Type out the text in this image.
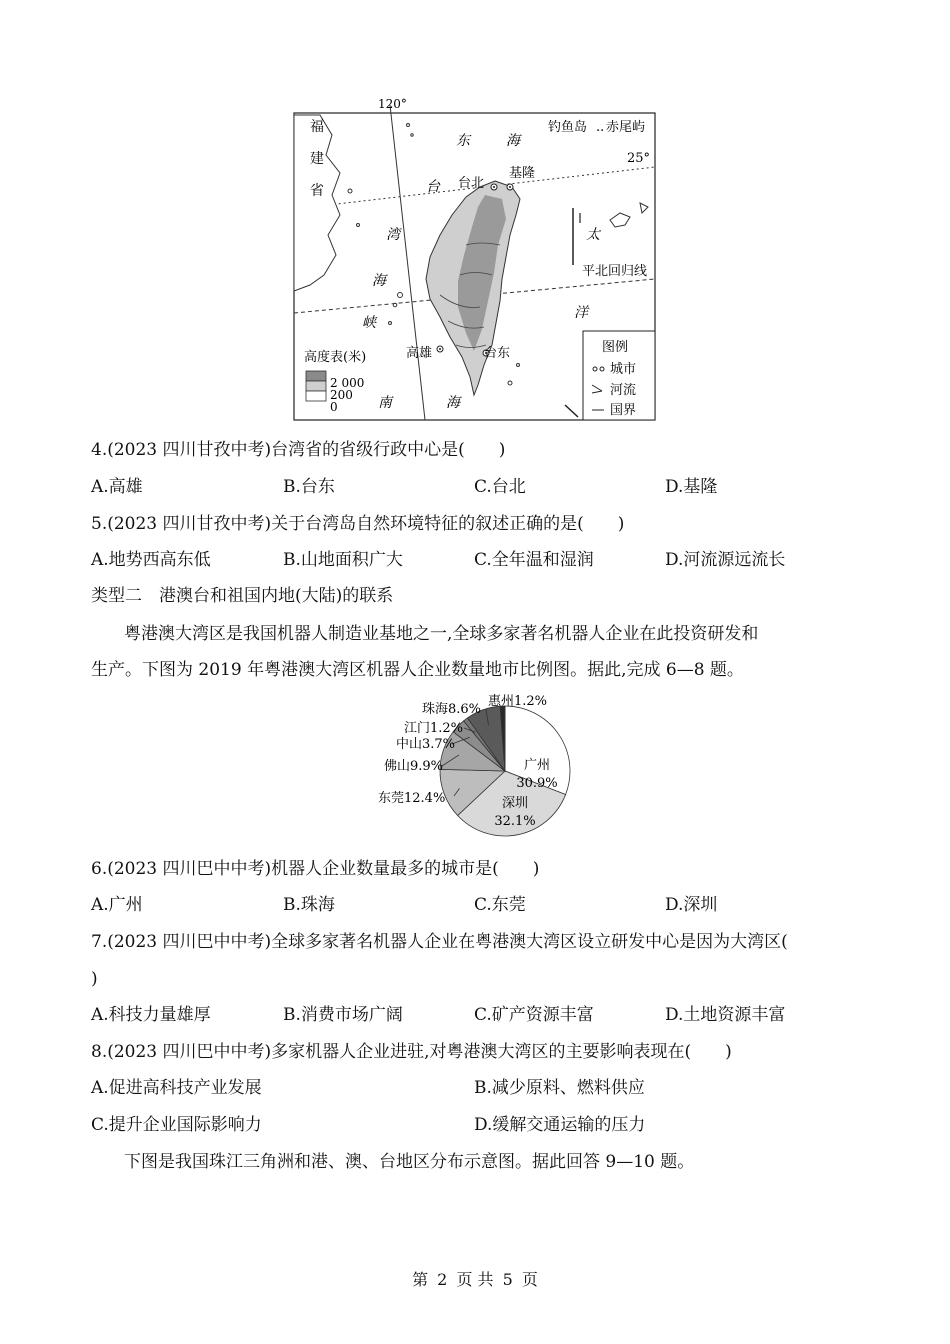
120°
25°
福
建
省
东	海
钓鱼岛 .. 赤尾屿
基隆
台北
台
湾
海
峡
太
洋
平北回归线
高雄	台东
南	海
高度表(米)
2 000
200
0
图例
城市
河流
国界
4.(2023 四川甘孜中考)台湾省的省级行政中心是(　　)
A.高雄	B.台东	C.台北	D.基隆
5.(2023 四川甘孜中考)关于台湾岛自然环境特征的叙述正确的是(　　)
A.地势西高东低	B.山地面积广大	C.全年温和湿润	D.河流源远流长
类型二　港澳台和祖国内地(大陆)的联系
粤港澳大湾区是我国机器人制造业基地之一,全球多家著名机器人企业在此投资研发和
生产。下图为 2019 年粤港澳大湾区机器人企业数量地市比例图。据此,完成 6—8 题。
广州
30.9%
深圳
32.1%
东莞12.4%
佛山9.9%
中山3.7%
江门1.2%
珠海8.6%
惠州1.2%
6.(2023 四川巴中中考)机器人企业数量最多的城市是(　　)
A.广州	B.珠海	C.东莞	D.深圳
7.(2023 四川巴中中考)全球多家著名机器人企业在粤港澳大湾区设立研发中心是因为大湾区(
)
A.科技力量雄厚	B.消费市场广阔	C.矿产资源丰富	D.土地资源丰富
8.(2023 四川巴中中考)多家机器人企业进驻,对粤港澳大湾区的主要影响表现在(　　)
A.促进高科技产业发展	B.减少原料、燃料供应
C.提升企业国际影响力	D.缓解交通运输的压力
下图是我国珠江三角洲和港、澳、台地区分布示意图。据此回答 9—10 题。
第 2 页 共 5 页
